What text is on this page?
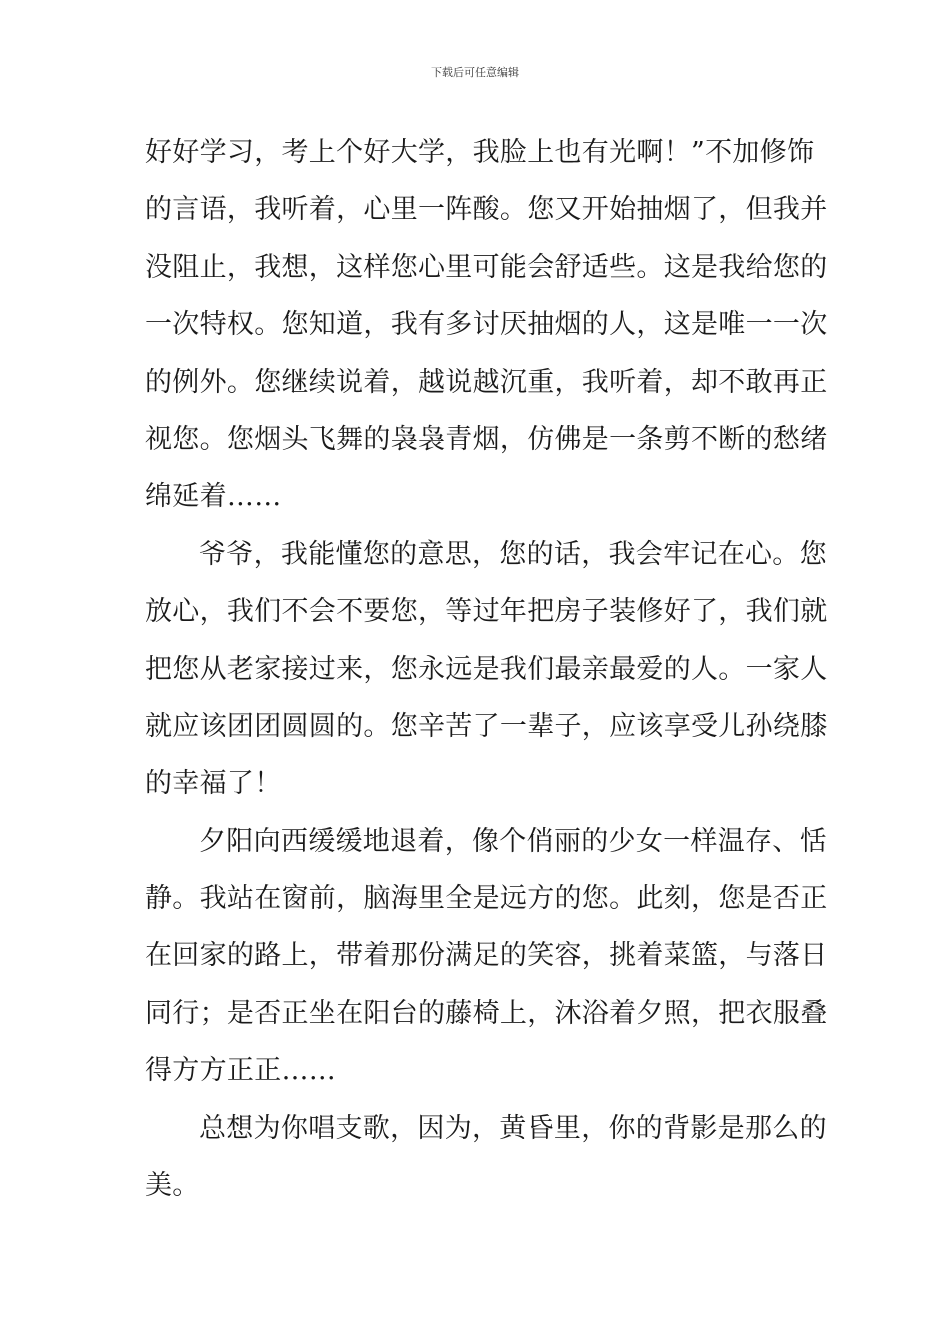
下载后可任意编辑
好好学习，考上个好大学，我脸上也有光啊！”不加修饰
的言语，我听着，心里一阵酸。您又开始抽烟了，但我并
没阻止，我想，这样您心里可能会舒适些。这是我给您的
一次特权。您知道，我有多讨厌抽烟的人，这是唯一一次
的例外。您继续说着，越说越沉重，我听着，却不敢再正
视您。您烟头飞舞的袅袅青烟，仿佛是一条剪不断的愁绪
绵延着……
爷爷，我能懂您的意思，您的话，我会牢记在心。您
放心，我们不会不要您，等过年把房子装修好了，我们就
把您从老家接过来，您永远是我们最亲最爱的人。一家人
就应该团团圆圆的。您辛苦了一辈子，应该享受儿孙绕膝
的幸福了！
夕阳向西缓缓地退着，像个俏丽的少女一样温存、恬
静。我站在窗前，脑海里全是远方的您。此刻，您是否正
在回家的路上，带着那份满足的笑容，挑着菜篮，与落日
同行；是否正坐在阳台的藤椅上，沐浴着夕照，把衣服叠
得方方正正……
总想为你唱支歌，因为，黄昏里，你的背影是那么的
美。
